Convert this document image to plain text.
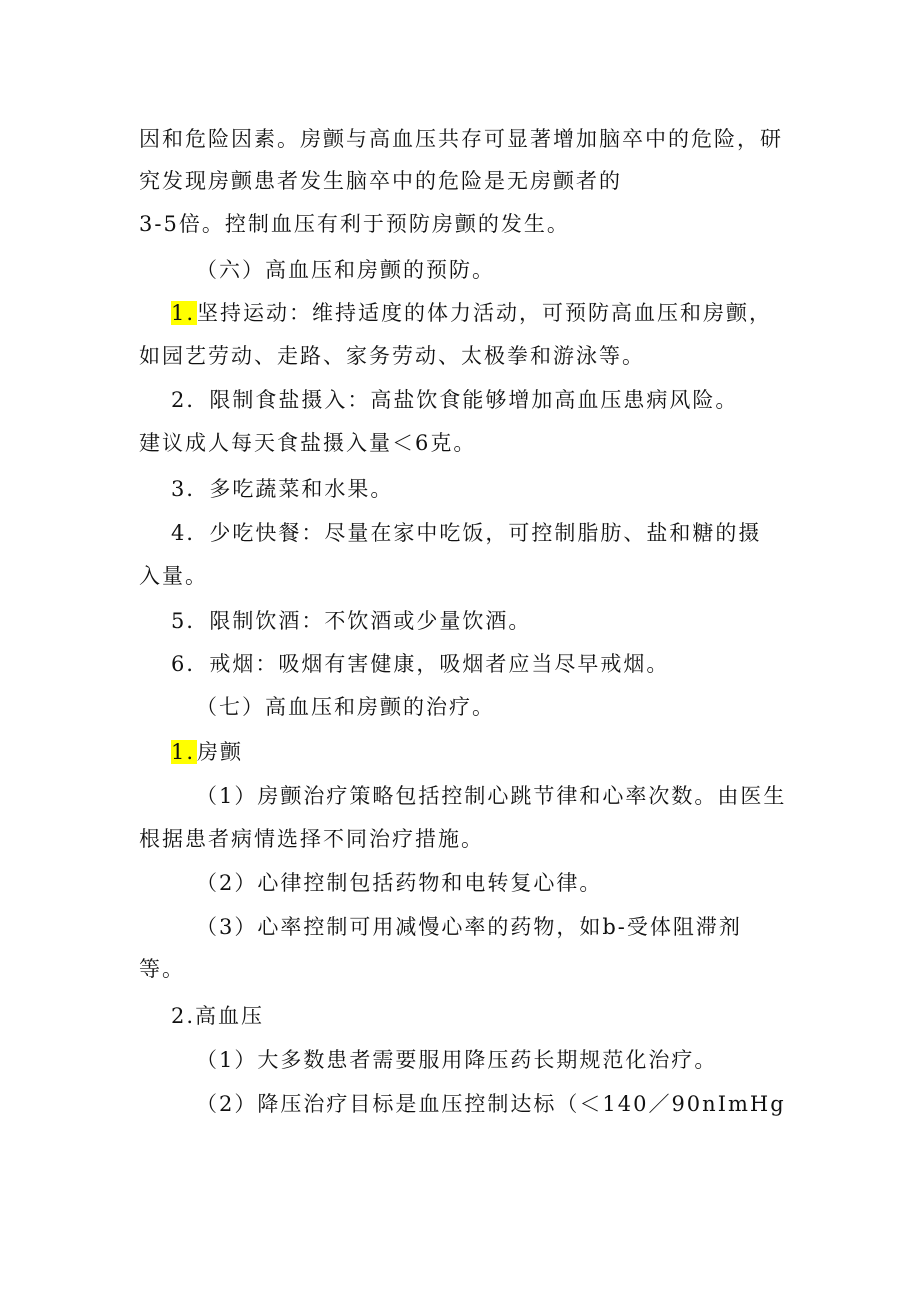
因和危险因素。房颤与高血压共存可显著增加脑卒中的危险，研
究发现房颤患者发生脑卒中的危险是无房颤者的
3-5倍。控制血压有利于预防房颤的发生。
（六）高血压和房颤的预防。
1.坚持运动：维持适度的体力活动，可预防高血压和房颤，
如园艺劳动、走路、家务劳动、太极拳和游泳等。
2．限制食盐摄入：高盐饮食能够增加高血压患病风险。
建议成人每天食盐摄入量＜6克。
3．多吃蔬菜和水果。
4．少吃快餐：尽量在家中吃饭，可控制脂肪、盐和糖的摄
入量。
5．限制饮酒：不饮酒或少量饮酒。
6．戒烟：吸烟有害健康，吸烟者应当尽早戒烟。
（七）高血压和房颤的治疗。
1.房颤
（1）房颤治疗策略包括控制心跳节律和心率次数。由医生
根据患者病情选择不同治疗措施。
（2）心律控制包括药物和电转复心律。
（3）心率控制可用减慢心率的药物，如b-受体阻滞剂
等。
2.高血压
（1）大多数患者需要服用降压药长期规范化治疗。
（2）降压治疗目标是血压控制达标（＜140／90nImHg
